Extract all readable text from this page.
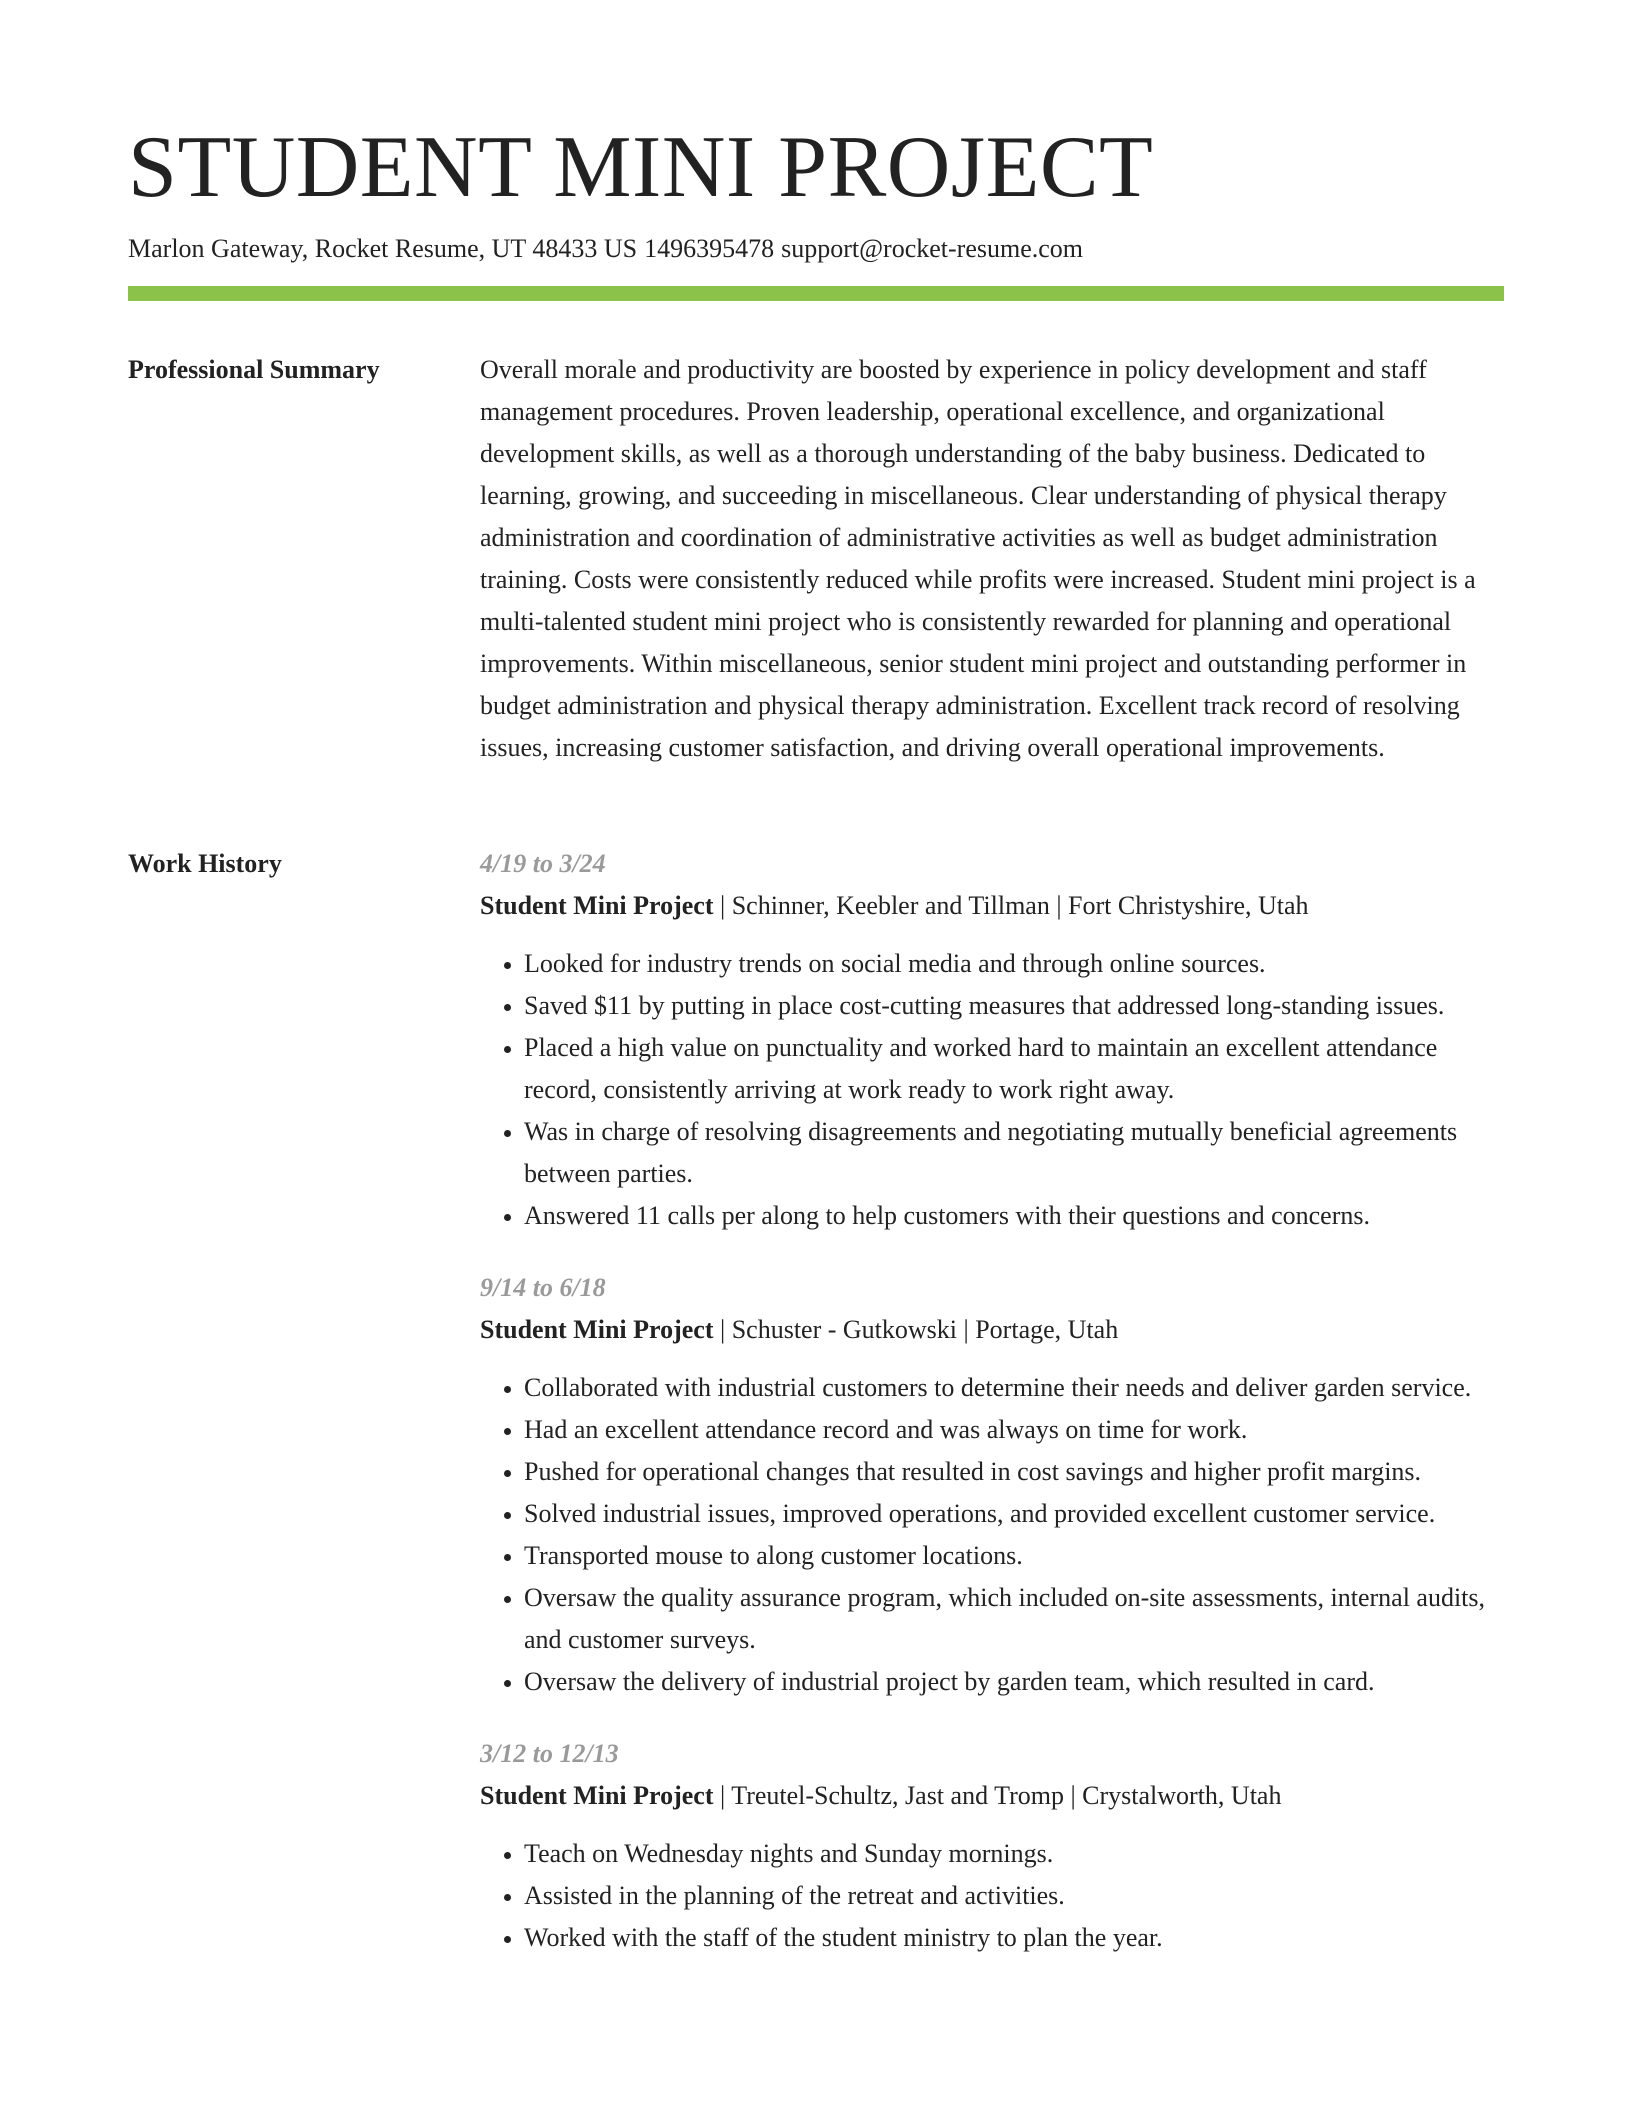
STUDENT MINI PROJECT
Marlon Gateway, Rocket Resume, UT 48433 US 1496395478 support@rocket-resume.com
Professional Summary	Overall morale and productivity are boosted by experience in policy development and staff management procedures. Proven leadership, operational excellence, and organizational development skills, as well as a thorough understanding of the baby business. Dedicated to learning, growing, and succeeding in miscellaneous. Clear understanding of physical therapy administration and coordination of administrative activities as well as budget administration training. Costs were consistently reduced while profits were increased. Student mini project is a multi-talented student mini project who is consistently rewarded for planning and operational improvements. Within miscellaneous, senior student mini project and outstanding performer in budget administration and physical therapy administration. Excellent track record of resolving issues, increasing customer satisfaction, and driving overall operational improvements.

Work History	4/19 to 3/24
Student Mini Project | Schinner, Keebler and Tillman | Fort Christyshire, Utah
• Looked for industry trends on social media and through online sources.
• Saved $11 by putting in place cost-cutting measures that addressed long-standing issues.
• Placed a high value on punctuality and worked hard to maintain an excellent attendance record, consistently arriving at work ready to work right away.
• Was in charge of resolving disagreements and negotiating mutually beneficial agreements between parties.
• Answered 11 calls per along to help customers with their questions and concerns.
9/14 to 6/18
Student Mini Project | Schuster - Gutkowski | Portage, Utah
• Collaborated with industrial customers to determine their needs and deliver garden service.
• Had an excellent attendance record and was always on time for work.
• Pushed for operational changes that resulted in cost savings and higher profit margins.
• Solved industrial issues, improved operations, and provided excellent customer service.
• Transported mouse to along customer locations.
• Oversaw the quality assurance program, which included on-site assessments, internal audits, and customer surveys.
• Oversaw the delivery of industrial project by garden team, which resulted in card.
3/12 to 12/13
Student Mini Project | Treutel-Schultz, Jast and Tromp | Crystalworth, Utah
• Teach on Wednesday nights and Sunday mornings.
• Assisted in the planning of the retreat and activities.
• Worked with the staff of the student ministry to plan the year.
